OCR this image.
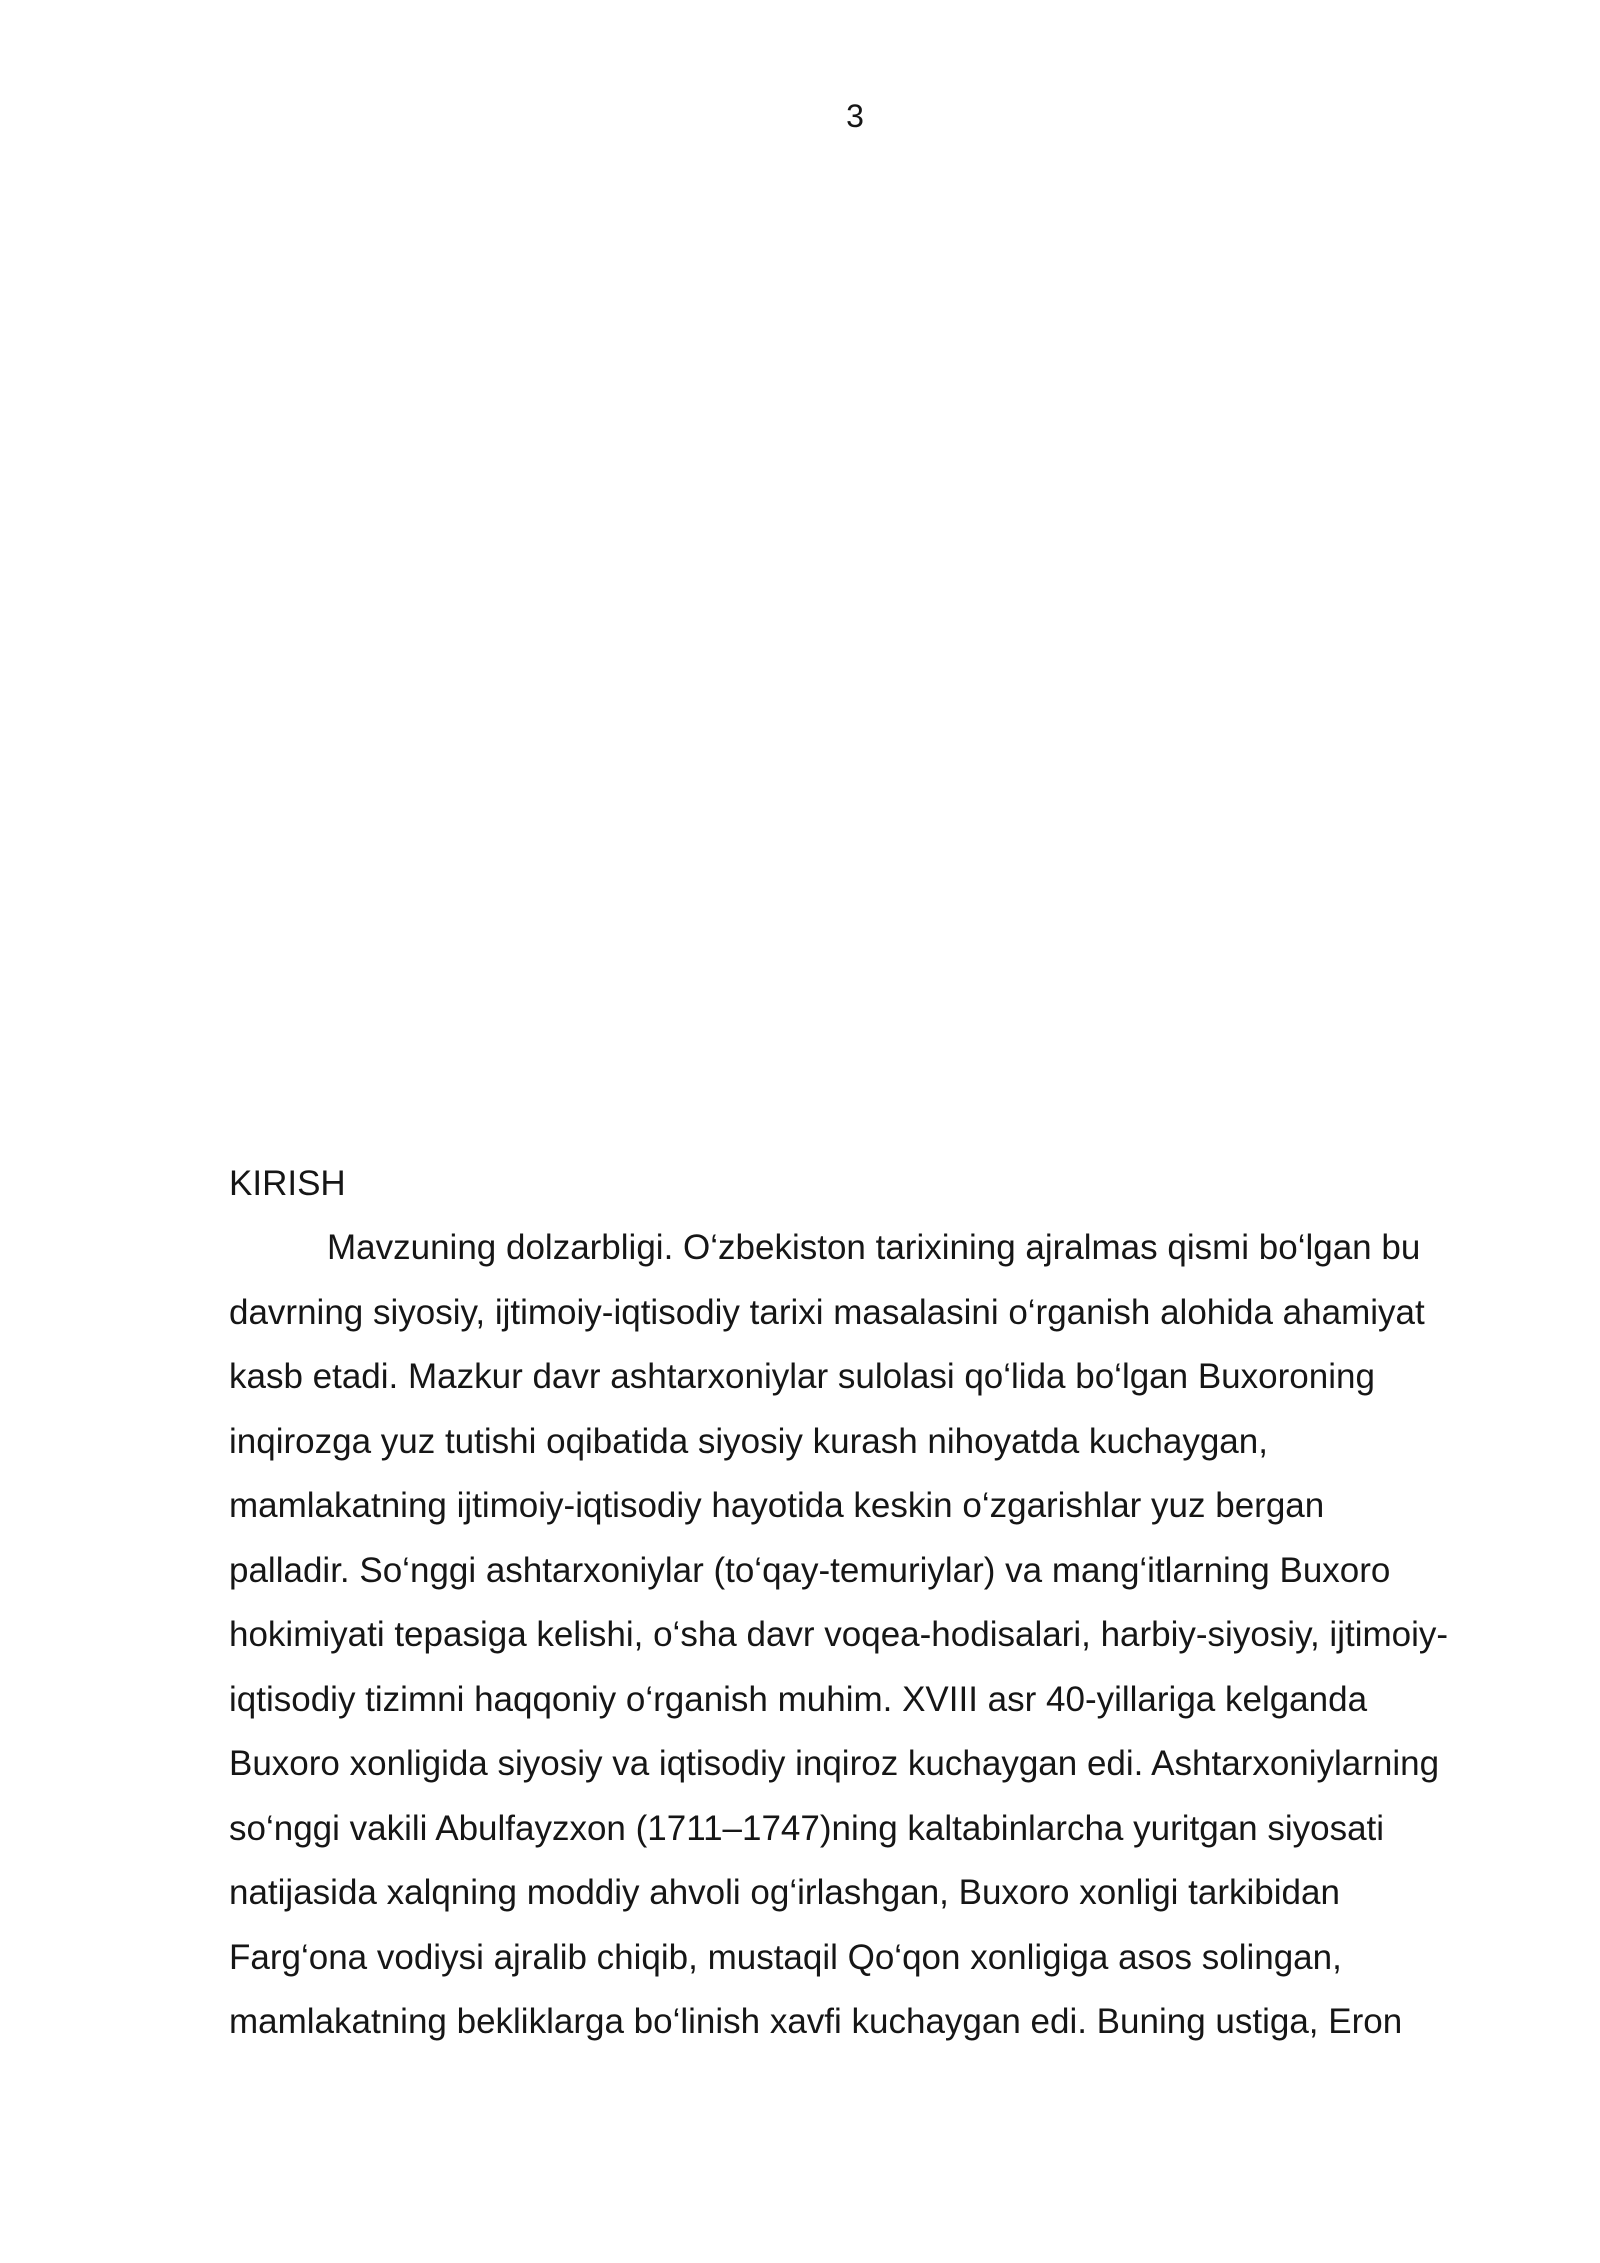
3
KIRISH
Mavzuning dolzarbligi. O‘zbekiston tarixining ajralmas qismi bo‘lgan bu
davrning siyosiy, ijtimoiy-iqtisodiy tarixi masalasini o‘rganish alohida ahamiyat
kasb etadi. Mazkur davr ashtarxoniylar sulolasi qo‘lida bo‘lgan Buxoroning
inqirozga yuz tutishi oqibatida siyosiy kurash nihoyatda kuchaygan,
mamlakatning ijtimoiy-iqtisodiy hayotida keskin o‘zgarishlar yuz bergan
palladir. So‘nggi ashtarxoniylar (to‘qay-temuriylar) va mang‘itlarning Buxoro
hokimiyati tepasiga kelishi, o‘sha davr voqea-hodisalari, harbiy-siyosiy, ijtimoiy-
iqtisodiy tizimni haqqoniy o‘rganish muhim. XVIII asr 40-yillariga kelganda
Buxoro xonligida siyosiy va iqtisodiy inqiroz kuchaygan edi. Ashtarxoniylarning
so‘nggi vakili Abulfayzxon (1711–1747)ning kaltabinlarcha yuritgan siyosati
natijasida xalqning moddiy ahvoli og‘irlashgan, Buxoro xonligi tarkibidan
Farg‘ona vodiysi ajralib chiqib, mustaqil Qo‘qon xonligiga asos solingan,
mamlakatning bekliklarga bo‘linish xavfi kuchaygan edi. Buning ustiga, Eron
